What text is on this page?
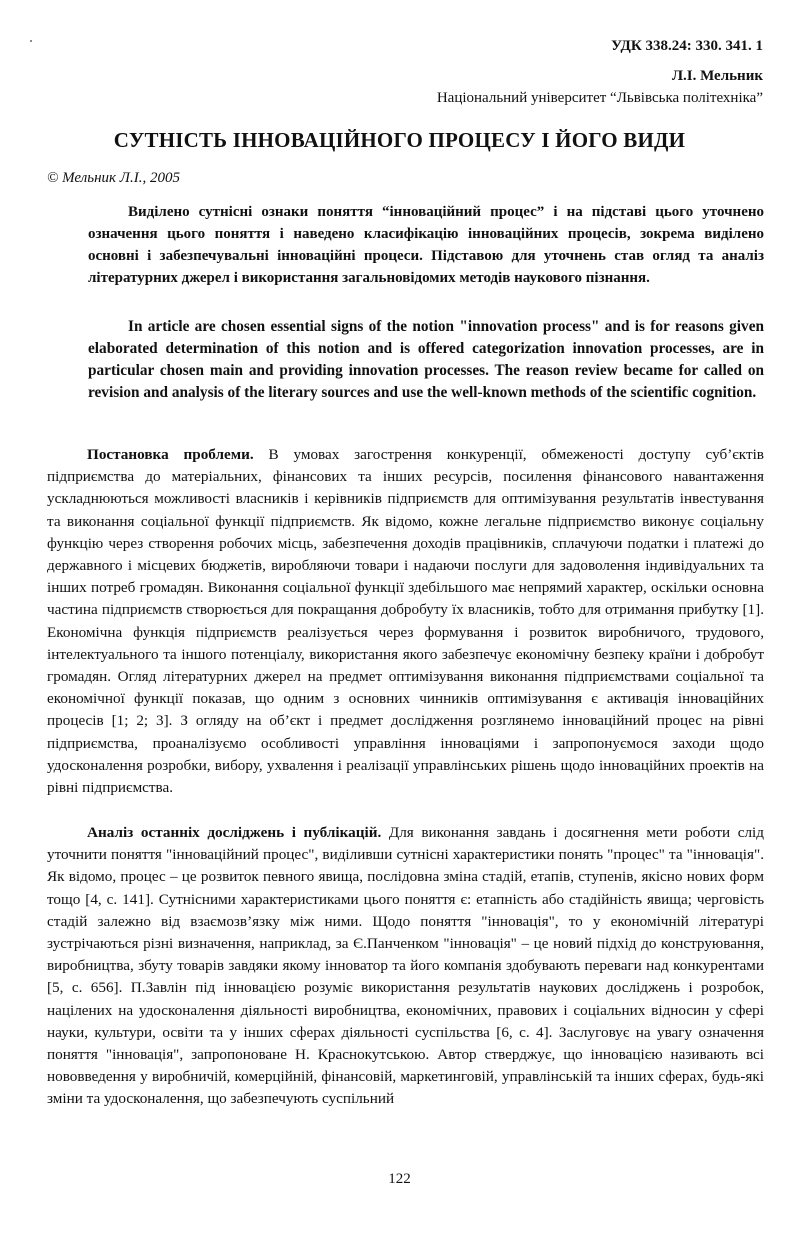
УДК 338.24: 330. 341. 1
Л.І. Мельник
Національний університет “Львівська політехніка”
СУТНІСТЬ ІННОВАЦІЙНОГО ПРОЦЕСУ І ЙОГО ВИДИ
© Мельник Л.І., 2005

Виділено сутнісні ознаки поняття “інноваційний процес” і на підставі цього уточнено означення цього поняття і наведено класифікацію інноваційних процесів, зокрема виділено основні і забезпечувальні інноваційні процеси. Підставою для уточнень став огляд та аналіз літературних джерел і використання загальновідомих методів наукового пізнання.

In article are chosen essential signs of the notion "innovation process" and is for reasons given elaborated determination of this notion and is offered categorization innovation processes, are in particular chosen main and providing innovation processes. The reason review became for called on revision and analysis of the literary sources and use the well-known methods of the scientific cognition.

Постановка проблеми. В умовах загострення конкуренції, обмеженості доступу суб’єктів підприємства до матеріальних, фінансових та інших ресурсів, посилення фінансового навантаження ускладнюються можливості власників і керівників підприємств для оптимізування результатів інвестування та виконання соціальної функції підприємств. Як відомо, кожне легальне підприємство виконує соціальну функцію через створення робочих місць, забезпечення доходів працівників, сплачуючи податки і платежі до державного і місцевих бюджетів, виробляючи товари і надаючи послуги для задоволення індивідуальних та інших потреб громадян. Виконання соціальної функції здебільшого має непрямий характер, оскільки основна частина підприємств створюється для покращання добробуту їх власників, тобто для отримання прибутку [1]. Економічна функція підприємств реалізується через формування і розвиток виробничого, трудового, інтелектуального та іншого потенціалу, використання якого забезпечує економічну безпеку країни і добробут громадян. Огляд літературних джерел на предмет оптимізування виконання підприємствами соціальної та економічної функції показав, що одним з основних чинників оптимізування є активація інноваційних процесів [1; 2; 3]. З огляду на об’єкт і предмет дослідження розглянемо інноваційний процес на рівні підприємства, проаналізуємо особливості управління інноваціями і запропонуємося заходи щодо удосконалення розробки, вибору, ухвалення і реалізації управлінських рішень щодо інноваційних проектів на рівні підприємства.

Аналіз останніх досліджень і публікацій. Для виконання завдань і досягнення мети роботи слід уточнити поняття "інноваційний процес", виділивши сутнісні характеристики понять "процес" та "інновація". Як відомо, процес – це розвиток певного явища, послідовна зміна стадій, етапів, ступенів, якісно нових форм тощо [4, с. 141]. Сутнісними характеристиками цього поняття є: етапність або стадійність явища; черговість стадій залежно від взаємозв’язку між ними. Щодо поняття "інновація", то у економічній літературі зустрічаються різні визначення, наприклад, за Є.Панченком "інновація" – це новий підхід до конструювання, виробництва, збуту товарів завдяки якому інноватор та його компанія здобувають переваги над конкурентами [5, с. 656]. П.Завлін під інновацією розуміє використання результатів наукових досліджень і розробок, націлених на удосконалення діяльності виробництва, економічних, правових і соціальних відносин у сфері науки, культури, освіти та у інших сферах діяльності суспільства [6, с. 4]. Заслуговує на увагу означення поняття "інновація", запропоноване Н. Краснокутською. Автор стверджує, що інновацією називають всі нововведення у виробничій, комерційній, фінансовій, маркетинговій, управлінській та інших сферах, будь-які зміни та удосконалення, що забезпечують суспільний

122
